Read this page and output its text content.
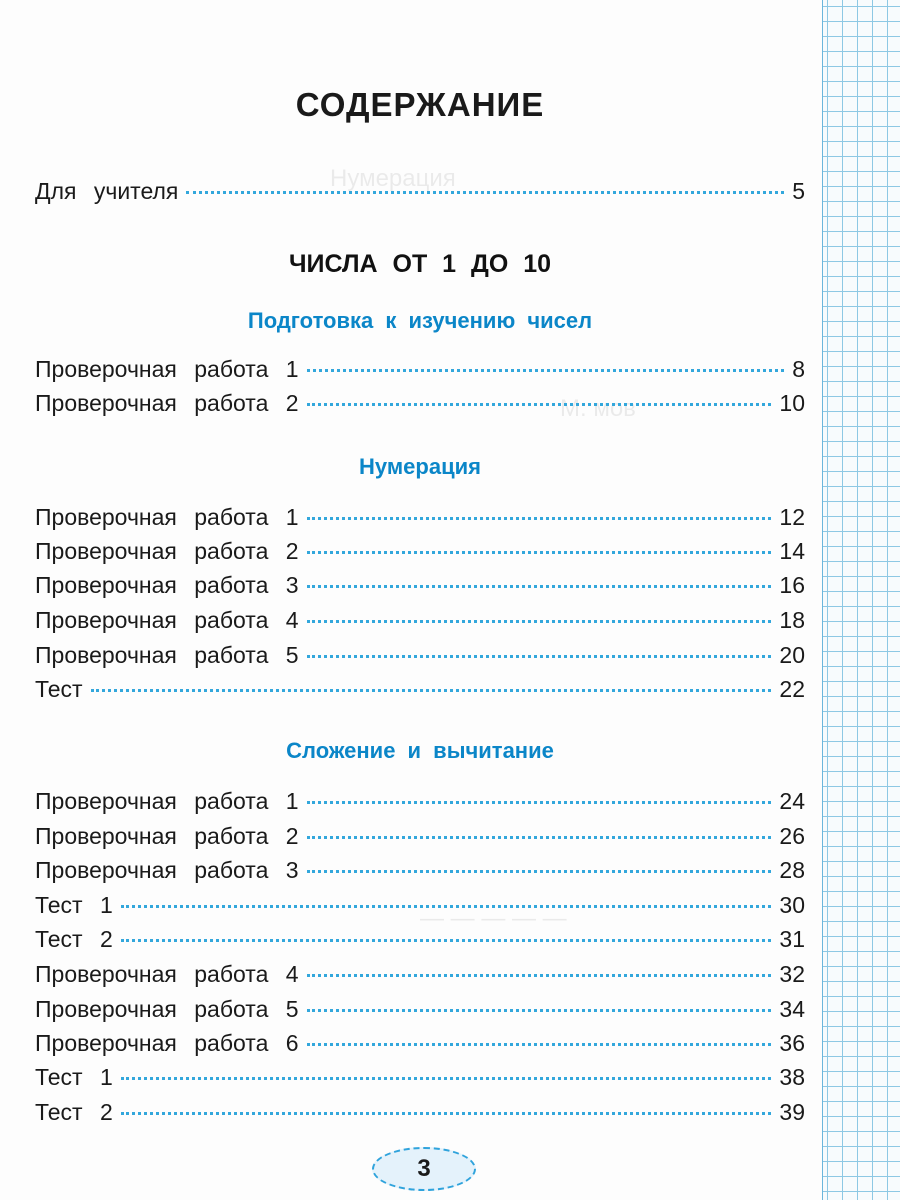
Нумерация
М. мов
— — — — —
СОДЕРЖАНИЕ
Для учителя	5
ЧИСЛА ОТ 1 ДО 10
Подготовка к изучению чисел
Проверочная работа 1	8
Проверочная работа 2	10
Нумерация
Проверочная работа 1	12
Проверочная работа 2	14
Проверочная работа 3	16
Проверочная работа 4	18
Проверочная работа 5	20
Тест	22
Сложение и вычитание
Проверочная работа 1	24
Проверочная работа 2	26
Проверочная работа 3	28
Тест 1	30
Тест 2	31
Проверочная работа 4	32
Проверочная работа 5	34
Проверочная работа 6	36
Тест 1	38
Тест 2	39
3
